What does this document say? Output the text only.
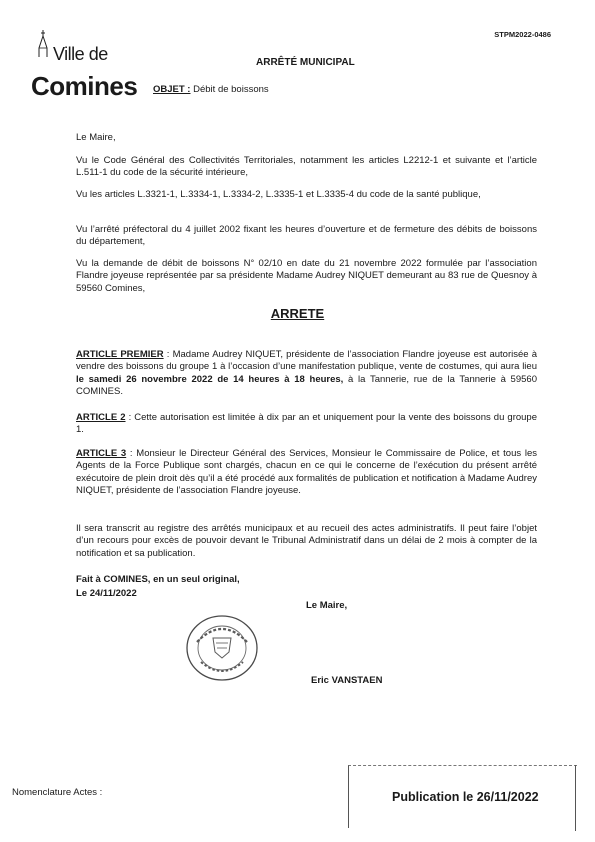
STPM2022-0486
Ville de
Comines
ARRÊTÉ MUNICIPAL
OBJET : Débit de boissons
Le Maire,
Vu le Code Général des Collectivités Territoriales, notamment les articles L2212-1 et suivante et l’article L.511-1 du code de la sécurité intérieure,
Vu les articles L.3321-1, L.3334-1, L.3334-2, L.3335-1 et L.3335-4 du code de la santé publique,
Vu l’arrêté préfectoral du 4 juillet 2002 fixant les heures d’ouverture et de fermeture des débits de boissons du département,
Vu la demande de débit de boissons N° 02/10 en date du 21 novembre 2022 formulée par l’association Flandre joyeuse représentée par sa présidente Madame Audrey NIQUET demeurant au 83 rue de Quesnoy à 59560 Comines,
ARRETE
ARTICLE PREMIER : Madame Audrey NIQUET, présidente de l’association Flandre joyeuse est autorisée à vendre des boissons du groupe 1 à l’occasion d’une manifestation publique, vente de costumes, qui aura lieu le samedi 26 novembre 2022 de 14 heures à 18 heures, à la Tannerie, rue de la Tannerie à 59560 COMINES.
ARTICLE 2 : Cette autorisation est limitée à dix par an et uniquement pour la vente des boissons du groupe 1.
ARTICLE 3 : Monsieur le Directeur Général des Services, Monsieur le Commissaire de Police, et tous les Agents de la Force Publique sont chargés, chacun en ce qui le concerne de l’exécution du présent arrêté exécutoire de plein droit dès qu’il a été procédé aux formalités de publication et notification à Madame Audrey NIQUET, présidente de l’association Flandre joyeuse.
Il sera transcrit au registre des arrêtés municipaux et au recueil des actes administratifs. Il peut faire l’objet d’un recours pour excès de pouvoir devant le Tribunal Administratif dans un délai de 2 mois à compter de la notification et sa publication.
Fait à COMINES, en un seul original,
Le 24/11/2022
Le Maire,
Eric VANSTAEN
Nomenclature Actes :	Publication le 26/11/2022
